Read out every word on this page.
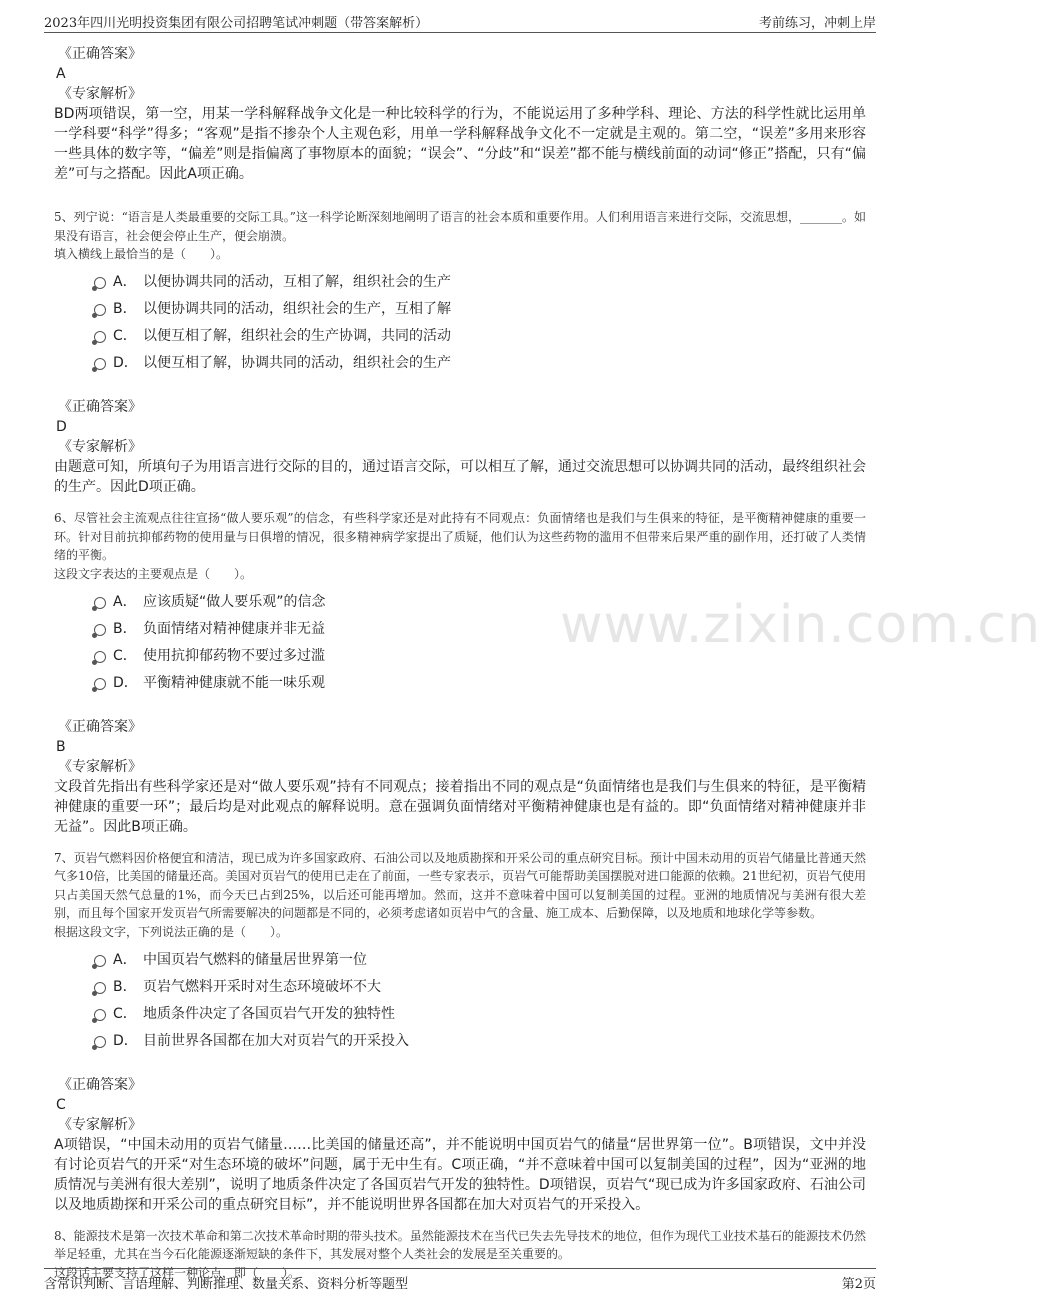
2023年四川光明投资集团有限公司招聘笔试冲刺题（带答案解析）	考前练习，冲刺上岸
www.zixin.com.cn
《正确答案》
A
《专家解析》
BD两项错误，第一空，用某一学科解释战争文化是一种比较科学的行为，不能说运用了多种学科、理论、方法的科学性就比运用单一学科要“科学”得多；“客观”是指不掺杂个人主观色彩，用单一学科解释战争文化不一定就是主观的。第二空，“误差”多用来形容一些具体的数字等，“偏差”则是指偏离了事物原本的面貌；“误会”、“分歧”和“误差”都不能与横线前面的动词“修正”搭配，只有“偏差”可与之搭配。因此A项正确。
5、列宁说：“语言是人类最重要的交际工具。”这一科学论断深刻地阐明了语言的社会本质和重要作用。人们利用语言来进行交际，交流思想，_______。如果没有语言，社会便会停止生产，便会崩溃。
填入横线上最恰当的是（　　）。
A． 以便协调共同的活动，互相了解，组织社会的生产
B． 以便协调共同的活动，组织社会的生产，互相了解
C． 以便互相了解，组织社会的生产协调，共同的活动
D． 以便互相了解，协调共同的活动，组织社会的生产
《正确答案》
D
《专家解析》
由题意可知，所填句子为用语言进行交际的目的，通过语言交际，可以相互了解，通过交流思想可以协调共同的活动，最终组织社会的生产。因此D项正确。
6、尽管社会主流观点往往宣扬“做人要乐观”的信念，有些科学家还是对此持有不同观点：负面情绪也是我们与生俱来的特征，是平衡精神健康的重要一环。针对目前抗抑郁药物的使用量与日俱增的情况，很多精神病学家提出了质疑，他们认为这些药物的滥用不但带来后果严重的副作用，还打破了人类情绪的平衡。
这段文字表达的主要观点是（　　）。
A． 应该质疑“做人要乐观”的信念
B． 负面情绪对精神健康并非无益
C． 使用抗抑郁药物不要过多过滥
D． 平衡精神健康就不能一味乐观
《正确答案》
B
《专家解析》
文段首先指出有些科学家还是对“做人要乐观”持有不同观点；接着指出不同的观点是“负面情绪也是我们与生俱来的特征，是平衡精神健康的重要一环”；最后均是对此观点的解释说明。意在强调负面情绪对平衡精神健康也是有益的。即“负面情绪对精神健康并非无益”。因此B项正确。
7、页岩气燃料因价格便宜和清洁，现已成为许多国家政府、石油公司以及地质勘探和开采公司的重点研究目标。预计中国未动用的页岩气储量比普通天然气多10倍，比美国的储量还高。美国对页岩气的使用已走在了前面，一些专家表示，页岩气可能帮助美国摆脱对进口能源的依赖。21世纪初，页岩气使用只占美国天然气总量的1%，而今天已占到25%，以后还可能再增加。然而，这并不意味着中国可以复制美国的过程。亚洲的地质情况与美洲有很大差别，而且每个国家开发页岩气所需要解决的问题都是不同的，必须考虑诸如页岩中气的含量、施工成本、后勤保障，以及地质和地球化学等参数。
根据这段文字，下列说法正确的是（　　）。
A． 中国页岩气燃料的储量居世界第一位
B． 页岩气燃料开采时对生态环境破坏不大
C． 地质条件决定了各国页岩气开发的独特性
D． 目前世界各国都在加大对页岩气的开采投入
《正确答案》
C
《专家解析》
A项错误，“中国未动用的页岩气储量……比美国的储量还高”，并不能说明中国页岩气的储量“居世界第一位”。B项错误，文中并没有讨论页岩气的开采“对生态环境的破坏”问题，属于无中生有。C项正确，“并不意味着中国可以复制美国的过程”，因为“亚洲的地质情况与美洲有很大差别”，说明了地质条件决定了各国页岩气开发的独特性。D项错误，页岩气“现已成为许多国家政府、石油公司以及地质勘探和开采公司的重点研究目标”，并不能说明世界各国都在加大对页岩气的开采投入。
8、能源技术是第一次技术革命和第二次技术革命时期的带头技术。虽然能源技术在当代已失去先导技术的地位，但作为现代工业技术基石的能源技术仍然举足轻重，尤其在当今石化能源逐渐短缺的条件下，其发展对整个人类社会的发展是至关重要的。
这段话主要支持了这样一种论点，即（　　）。
含常识判断、言语理解、判断推理、数量关系、资料分析等题型	第2页
